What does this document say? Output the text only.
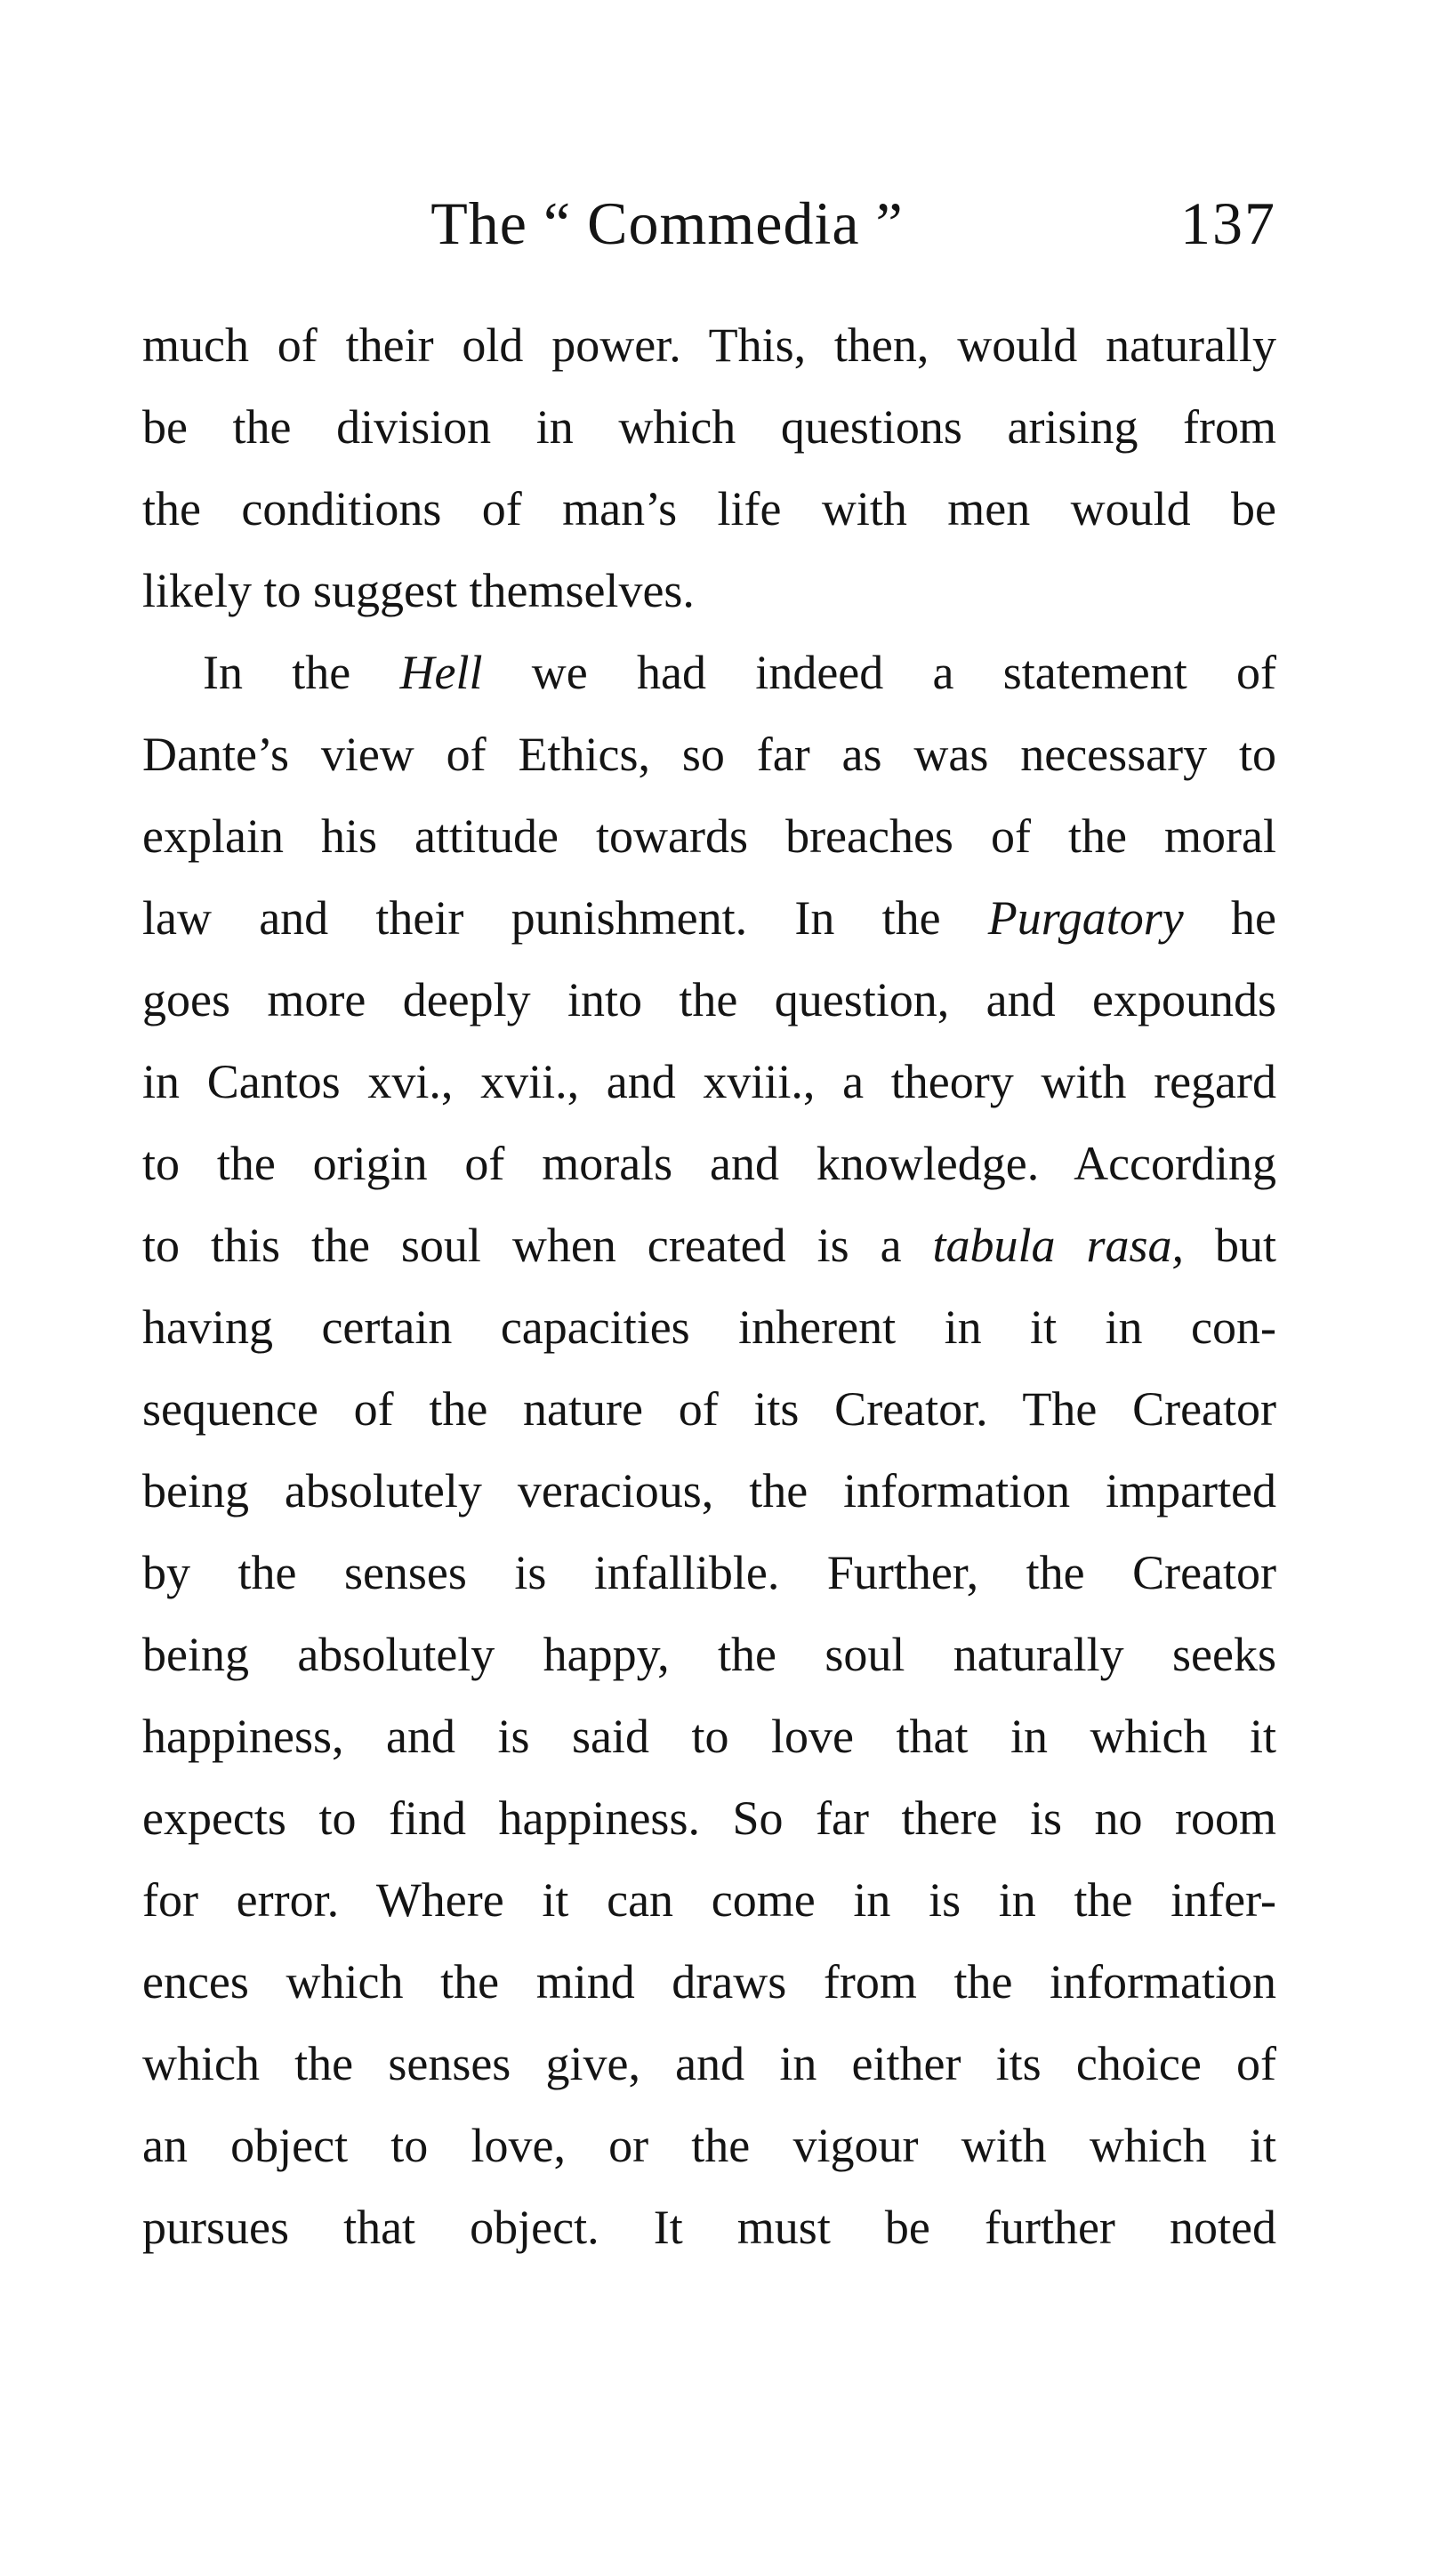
The “ Commedia ”	137
much of their old power. This, then, would naturally
be the division in which questions arising from
the conditions of man’s life with men would be
likely to suggest themselves.
In the Hell we had indeed a statement of
Dante’s view of Ethics, so far as was necessary to
explain his attitude towards breaches of the moral
law and their punishment. In the Purgatory he
goes more deeply into the question, and expounds
in Cantos xvi., xvii., and xviii., a theory with regard
to the origin of morals and knowledge. According
to this the soul when created is a tabula rasa, but
having certain capacities inherent in it in con-
sequence of the nature of its Creator. The Creator
being absolutely veracious, the information imparted
by the senses is infallible. Further, the Creator
being absolutely happy, the soul naturally seeks
happiness, and is said to love that in which it
expects to find happiness. So far there is no room
for error. Where it can come in is in the infer-
ences which the mind draws from the information
which the senses give, and in either its choice of
an object to love, or the vigour with which it
pursues that object. It must be further noted
